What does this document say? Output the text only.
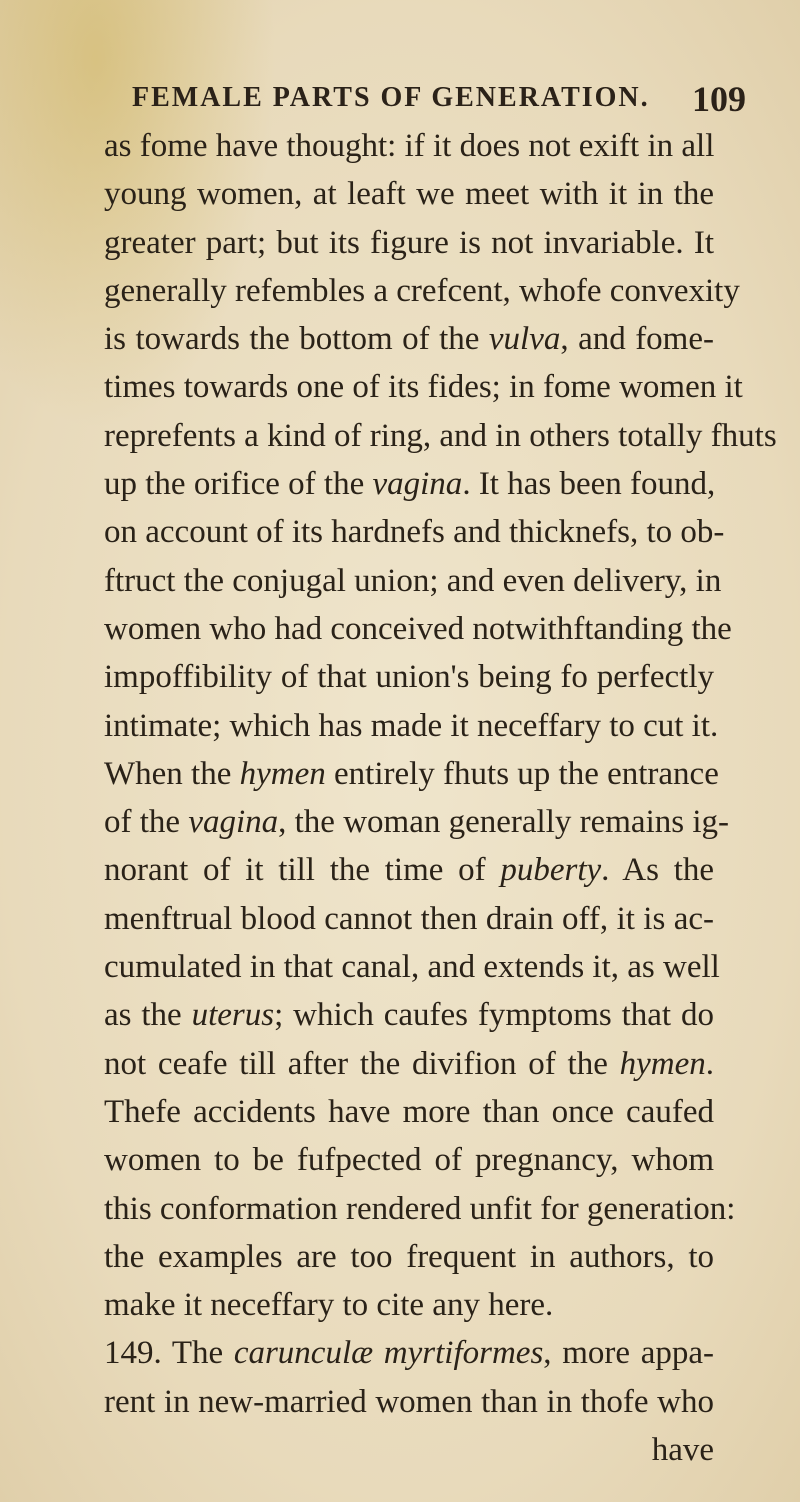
FEMALE PARTS OF GENERATION. 109
as fome have thought: if it does not exift in all
young women, at leaft we meet with it in the
greater part; but its figure is not invariable. It
generally refembles a crefcent, whofe convexity
is towards the bottom of the vulva, and fome-
times towards one of its fides; in fome women it
reprefents a kind of ring, and in others totally fhuts
up the orifice of the vagina. It has been found,
on account of its hardnefs and thicknefs, to ob-
ftruct the conjugal union; and even delivery, in
women who had conceived notwithftanding the
impoffibility of that union's being fo perfectly
intimate; which has made it neceffary to cut it.
When the hymen entirely fhuts up the entrance
of the vagina, the woman generally remains ig-
norant of it till the time of puberty. As the
menftrual blood cannot then drain off, it is ac-
cumulated in that canal, and extends it, as well
as the uterus; which caufes fymptoms that do
not ceafe till after the divifion of the hymen.
Thefe accidents have more than once caufed
women to be fufpected of pregnancy, whom
this conformation rendered unfit for generation:
the examples are too frequent in authors, to
make it neceffary to cite any here.
149. The carunculæ myrtiformes, more appa-
rent in new-married women than in thofe who
have
